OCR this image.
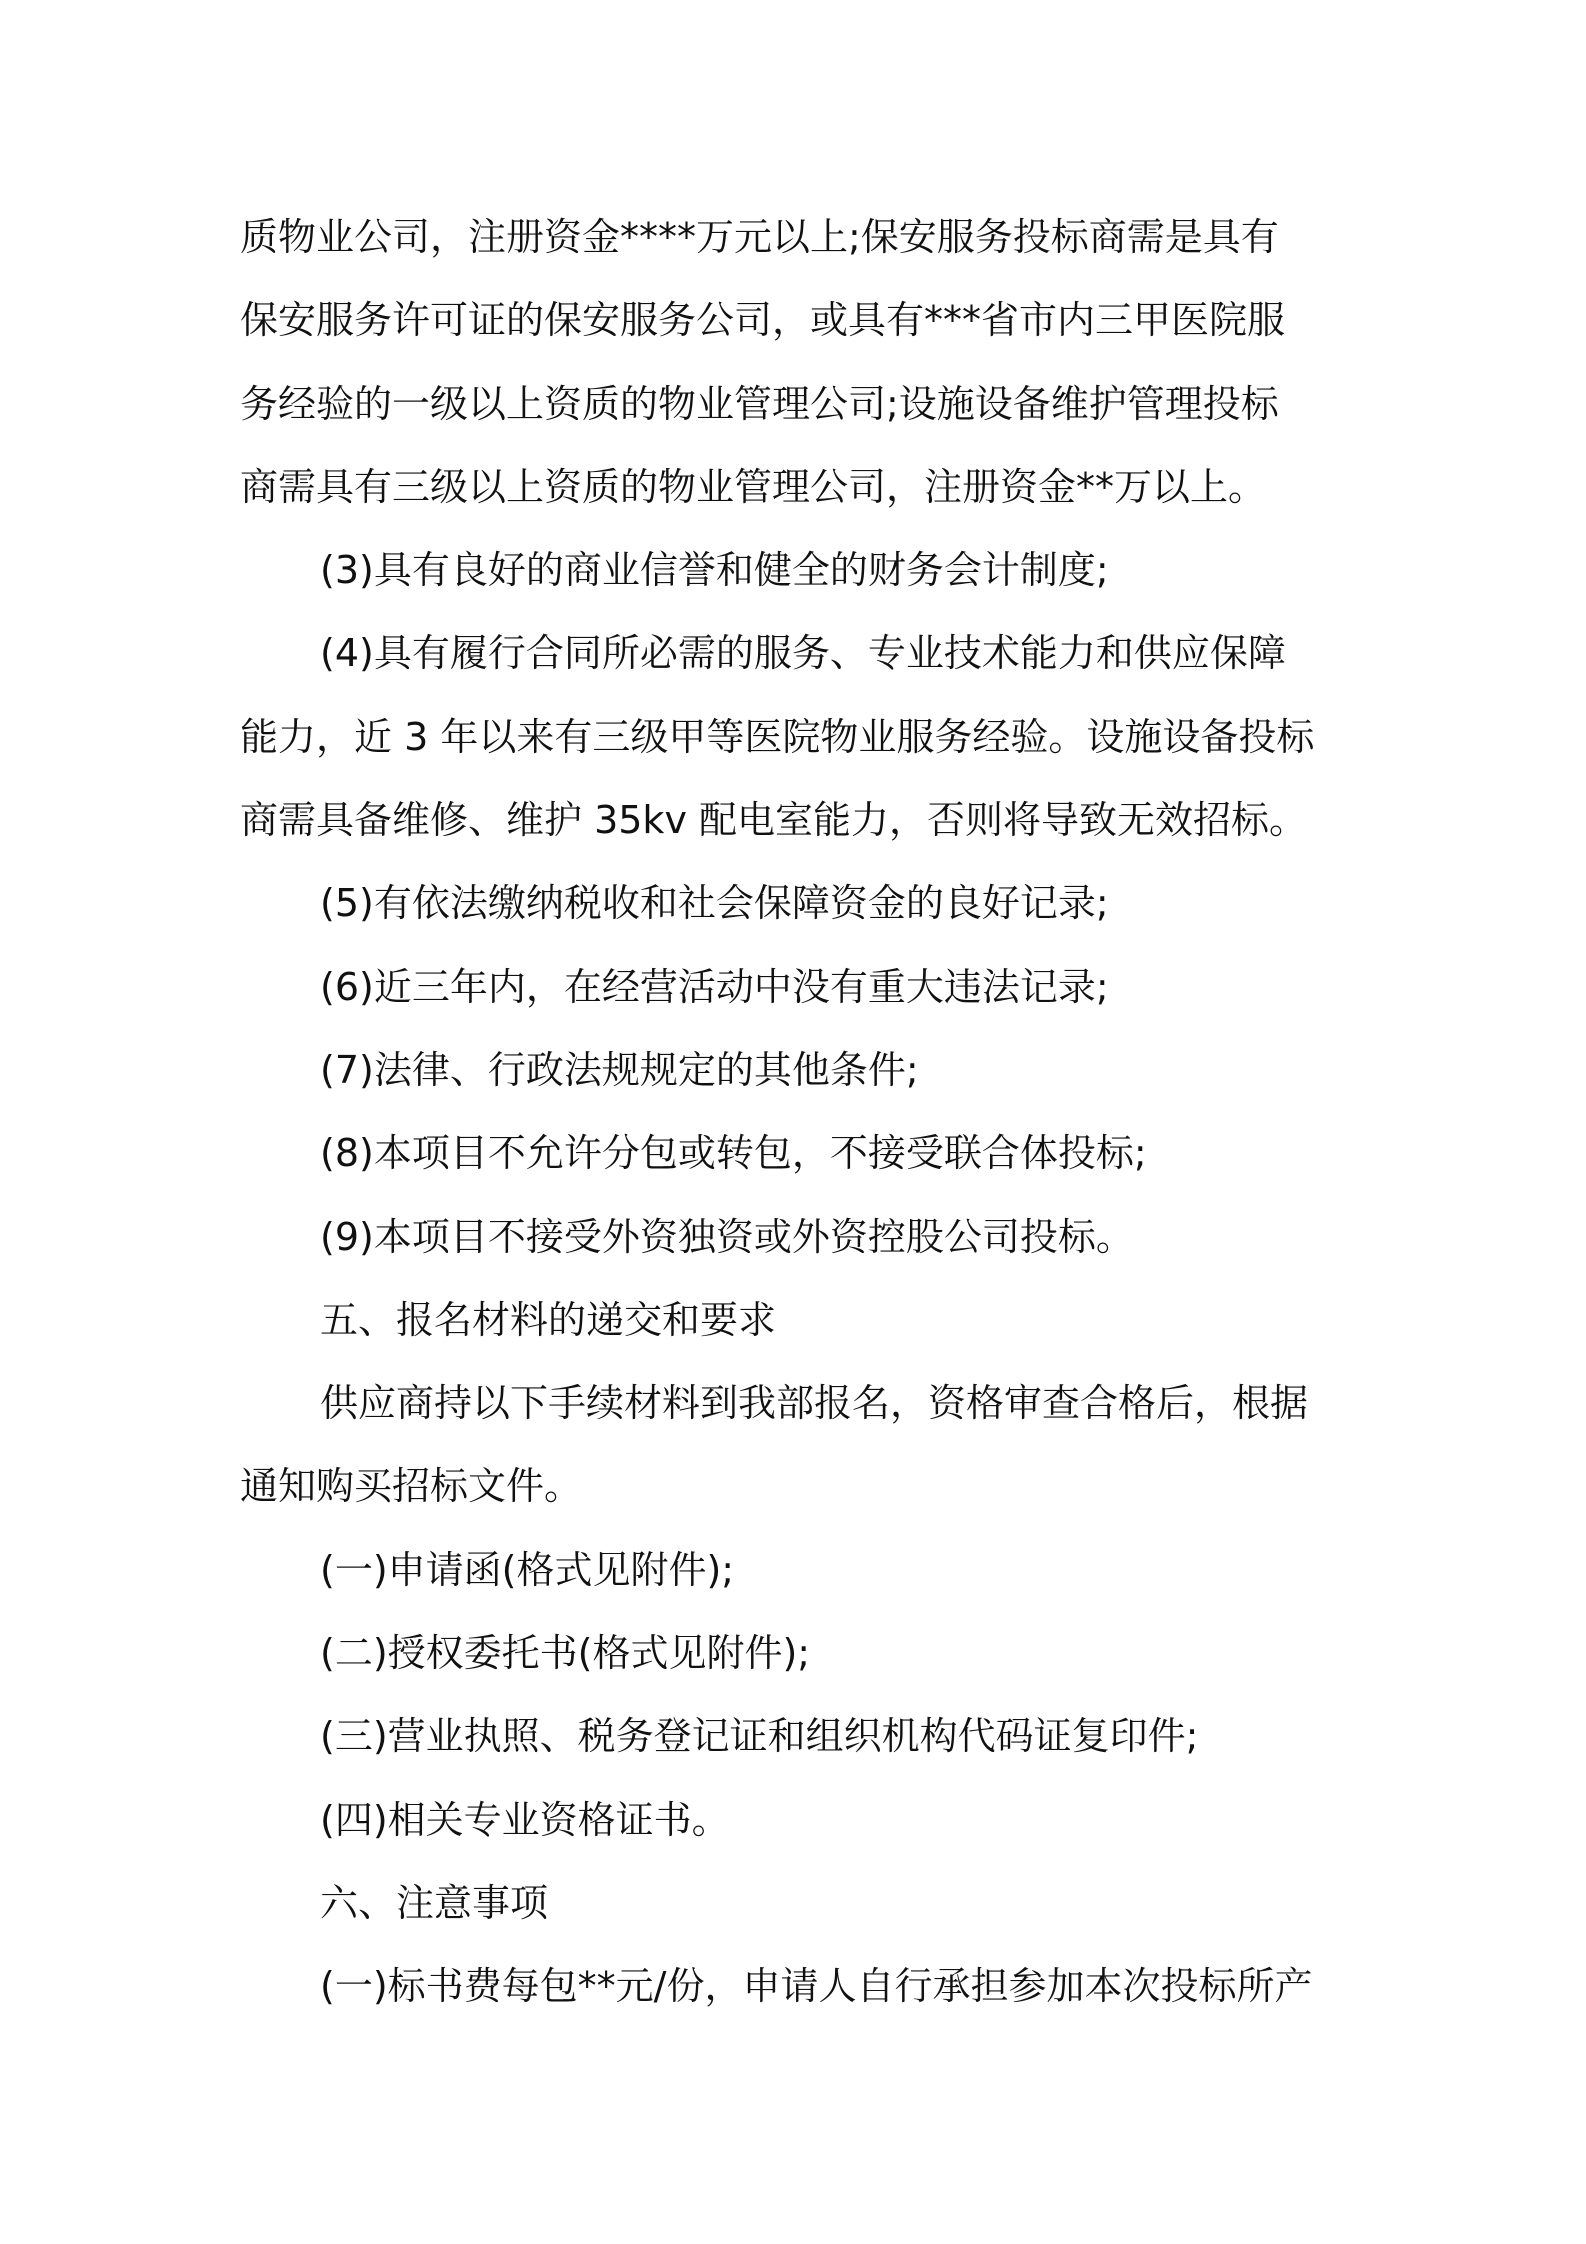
质物业公司，注册资金****万元以上;保安服务投标商需是具有
保安服务许可证的保安服务公司，或具有***省市内三甲医院服
务经验的一级以上资质的物业管理公司;设施设备维护管理投标
商需具有三级以上资质的物业管理公司，注册资金**万以上。
(3)具有良好的商业信誉和健全的财务会计制度;
(4)具有履行合同所必需的服务、专业技术能力和供应保障
能力，近 3 年以来有三级甲等医院物业服务经验。设施设备投标
商需具备维修、维护 35kv 配电室能力，否则将导致无效招标。
(5)有依法缴纳税收和社会保障资金的良好记录;
(6)近三年内，在经营活动中没有重大违法记录;
(7)法律、行政法规规定的其他条件;
(8)本项目不允许分包或转包，不接受联合体投标;
(9)本项目不接受外资独资或外资控股公司投标。
五、报名材料的递交和要求
供应商持以下手续材料到我部报名，资格审查合格后，根据
通知购买招标文件。
(一)申请函(格式见附件);
(二)授权委托书(格式见附件);
(三)营业执照、税务登记证和组织机构代码证复印件;
(四)相关专业资格证书。
六、注意事项
(一)标书费每包**元/份，申请人自行承担参加本次投标所产
